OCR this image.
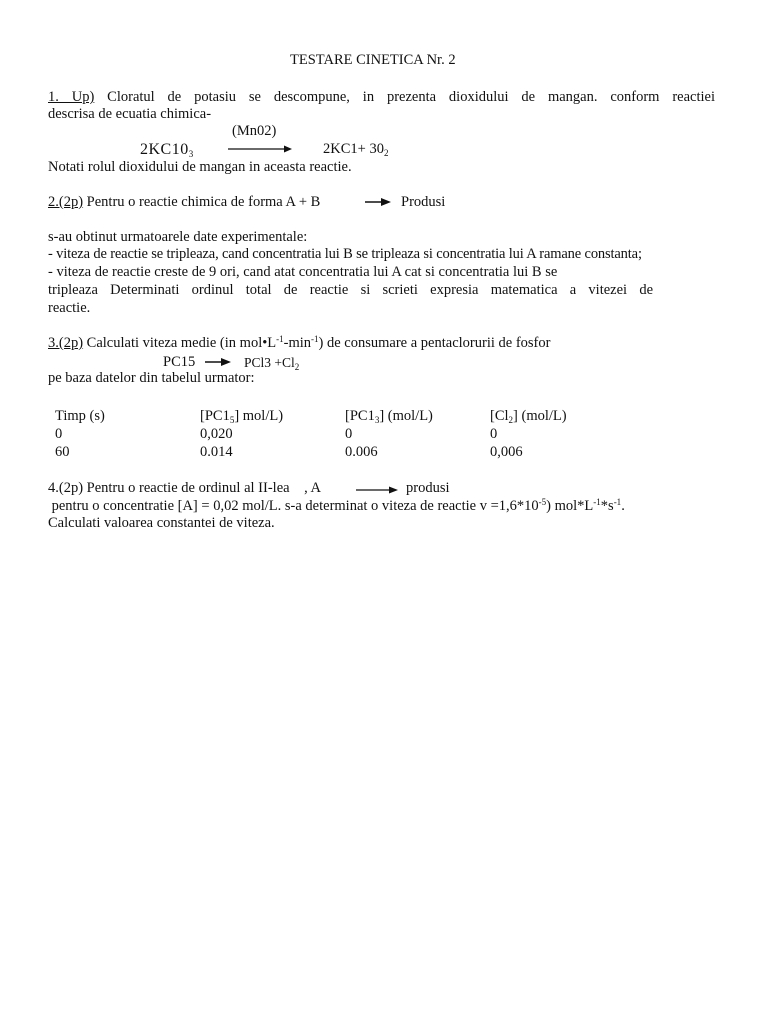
TESTARE CINETICA Nr. 2
1. Up) Cloratul de potasiu se descompune, in prezenta dioxidului de mangan. conform reactiei
descrisa de ecuatia chimica-
(Mn02)
$2KC10_3$	$2KC1+ 30_2$
Notati rolul dioxidului de mangan in aceasta reactie.
2.(2p) Pentru o reactie chimica de forma A + B	Produsi
s-au obtinut urmatoarele date experimentale:
- viteza de reactie se tripleaza, cand concentratia lui B se tripleaza si concentratia lui A ramane constanta;
- viteza de reactie creste de 9 ori, cand atat concentratia lui A cat si concentratia lui B se
tripleaza Determinati ordinul total de reactie si scrieti expresia matematica a vitezei de
reactie.
3.(2p) Calculati viteza medie (in $mol•L^{-1}-\min^{-1}$) de consumare a pentaclorurii de fosfor
PC15	$PCl3 +Cl_2$
pe baza datelor din tabelul urmator:
Timp (s)	$[PC1_5]$ mol/L)	$[PC1_3]$ (mol/L)	$[Cl_2]$ (mol/L)
0	0,020	0	0
60	0.014	0.006	0,006
4.(2p) Pentru o reactie de ordinul al II-lea    , A	produsi
pentru o concentratie [A] = 0,02 mol/L. s-a determinat o viteza de reactie $v =1,6*10^{-5}$) $mol*L^{-1}*s^{-1}$.
Calculati valoarea constantei de viteza.
